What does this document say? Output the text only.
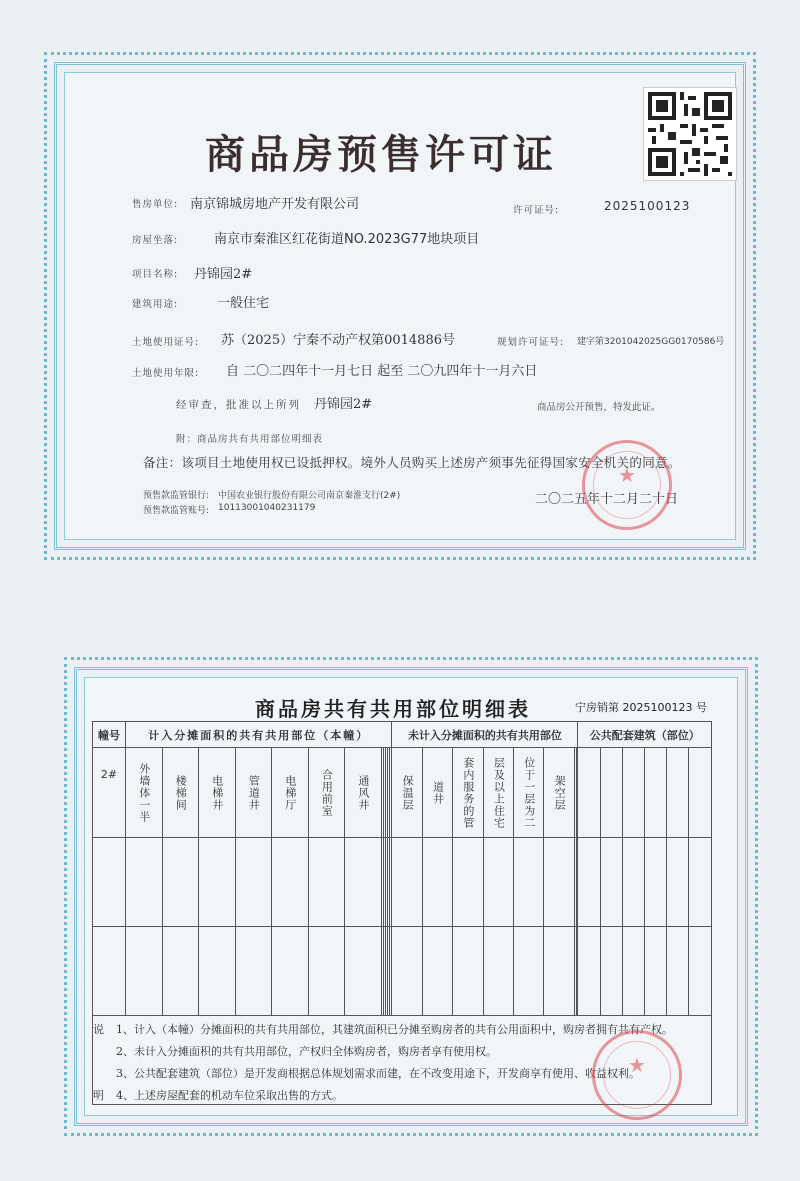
商品房预售许可证
售房单位: 南京锦城房地产开发有限公司	许可证号:	2025100123
房屋坐落:	南京市秦淮区红花街道NO.2023G77地块项目
项目名称: 丹锦园2#
建筑用途:	一般住宅
土地使用证号: 苏（2025）宁秦不动产权第0014886号	规划许可证号: 建字第3201042025GG0170586号
土地使用年限: 自 二〇二四年十一月七日 起至 二〇九四年十一月六日
经审查，批准以上所列 丹锦园2#	商品房公开预售，特发此证。
附：商品房共有共用部位明细表
备注：该项目土地使用权已设抵押权。境外人员购买上述房产须事先征得国家安全机关的同意。
预售款监管银行: 中国农业银行股份有限公司南京秦淮支行(2#)
预售款监管账号: 10113001040231179
二〇二五年十二月二十日
★
商品房共有共用部位明细表	宁房销第 2025100123 号
幢号	计入分摊面积的共有共用部位（本幢）												未计入分摊面积的共有共用部位							公共配套建筑（部位）					
2#	外墙体一半	楼梯间	电梯井	管道井	电梯厅	合用前室	通风井						保温层	道井	套内服务的管	层及以上住宅	位于一层为二	架空层								

说
明
1、计入（本幢）分摊面积的共有共用部位，其建筑面积已分摊至购房者的共有公用面积中，购房者拥有共有产权。
2、未计入分摊面积的共有共用部位，产权归全体购房者，购房者享有使用权。
3、公共配套建筑（部位）是开发商根据总体规划需求而建，在不改变用途下，开发商享有使用、收益权利。
4、上述房屋配套的机动车位采取出售的方式。
★
